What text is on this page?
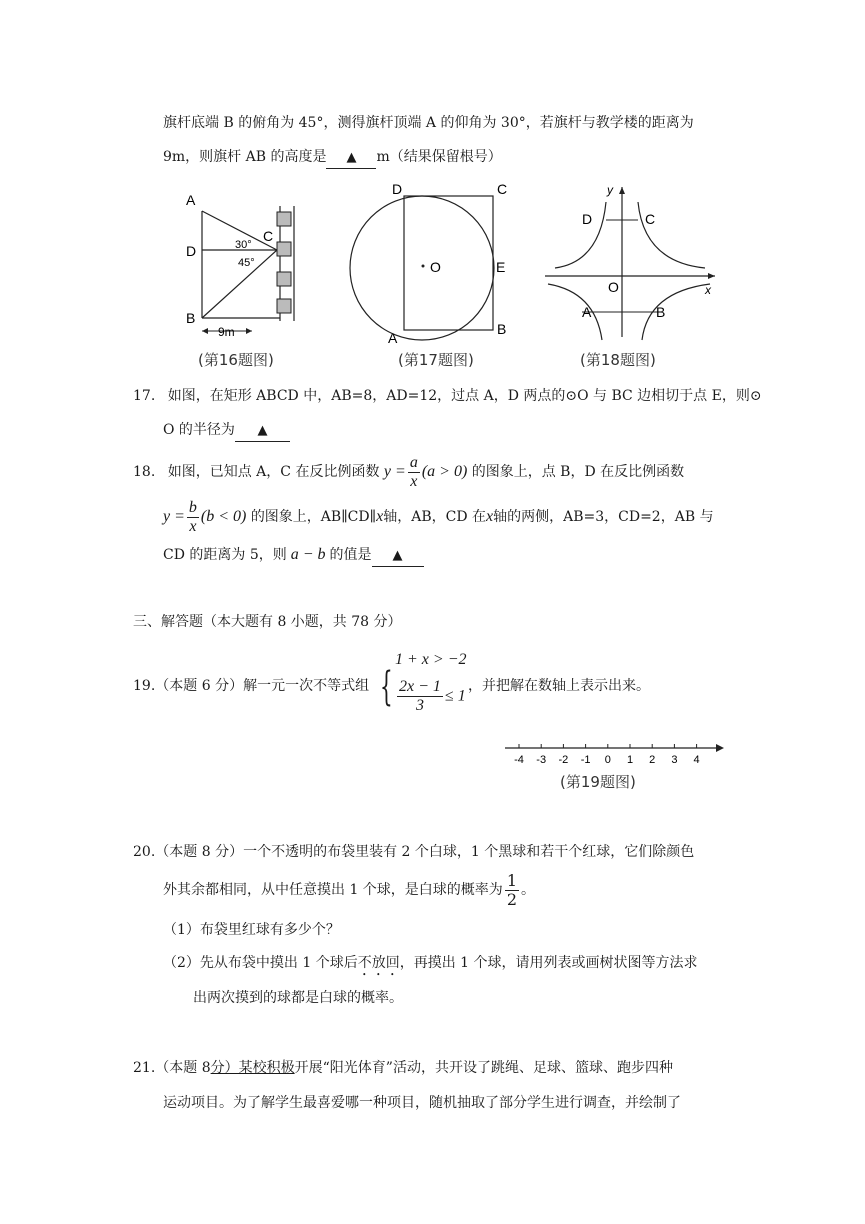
旗杆底端 B 的俯角为 45°，测得旗杆顶端 A 的仰角为 30°，若旗杆与教学楼的距离为
9m，则旗杆 AB 的高度是 ▲ m（结果保留根号）
A
D
B
C
30°
45°
9m
(第16题图)
D	C
A
B
E
O
(第17题图)
y
x
D	C
A	B
O
(第18题图)
17. 如图，在矩形 ABCD 中，AB=8，AD=12，过点 A，D 两点的⊙O 与 BC 边相切于点 E，则⊙
O 的半径为 ▲
18. 如图，已知点 A，C 在反比例函数 $y = \frac{a}{x} (a > 0)$ 的图象上，点 B，D 在反比例函数
$y = \frac{b}{x} (b < 0)$ 的图象上，AB∥CD∥x轴，AB，CD 在x轴的两侧，AB=3，CD=2，AB 与
CD 的距离为 5，则 a − b 的值是 ▲
三、解答题（本大题有 8 小题，共 78 分）
19.（本题 6 分）解一元一次不等式组 {
1 + x > −2
$\frac{2x - 1}{3} \le 1$
，并把解在数轴上表示出来。
-4 -3 -2 -1 0 1 2 3 4
(第19题图)
20.（本题 8 分）一个不透明的布袋里装有 2 个白球，1 个黑球和若干个红球，它们除颜色
外其余都相同，从中任意摸出 1 个球，是白球的概率为 $\frac{1}{2}$ 。
（1）布袋里红球有多少个？
（2）先从布袋中摸出 1 个球后不放回，再摸出 1 个球，请用列表或画树状图等方法求
出两次摸到的球都是白球的概率。
21.（本题 8分）某校积极开展“阳光体育”活动，共开设了跳绳、足球、篮球、跑步四种
运动项目。为了解学生最喜爱哪一种项目，随机抽取了部分学生进行调查，并绘制了
